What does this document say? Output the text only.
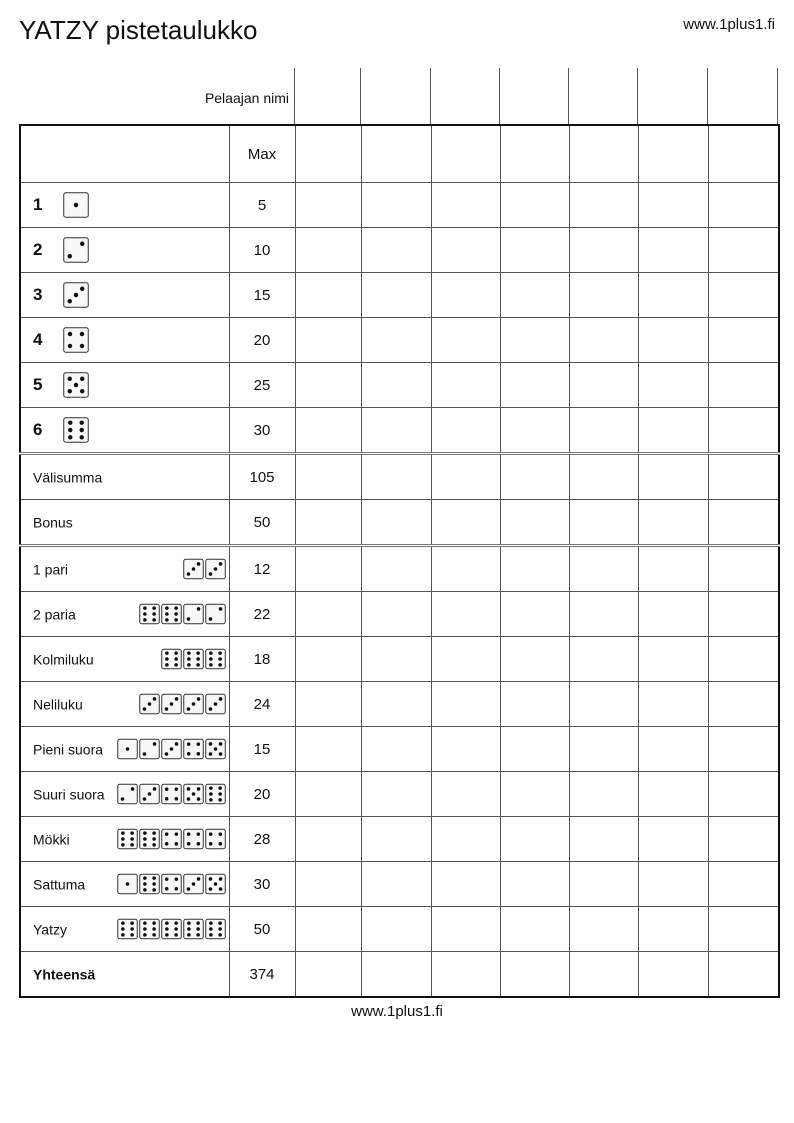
YATZY pistetaulukko	www.1plus1.fi
Pelaajan nimi
	Max							
1	5							
2	10							
3	15							
4	20							
5	25							
6	30							
Välisumma	105							
Bonus	50							
1 pari	12							
2 paria	22							
Kolmiluku	18							
Neliluku	24							
Pieni suora	15							
Suuri suora	20							
Mökki	28							
Sattuma	30							
Yatzy	50							
Yhteensä	374							
www.1plus1.fi
